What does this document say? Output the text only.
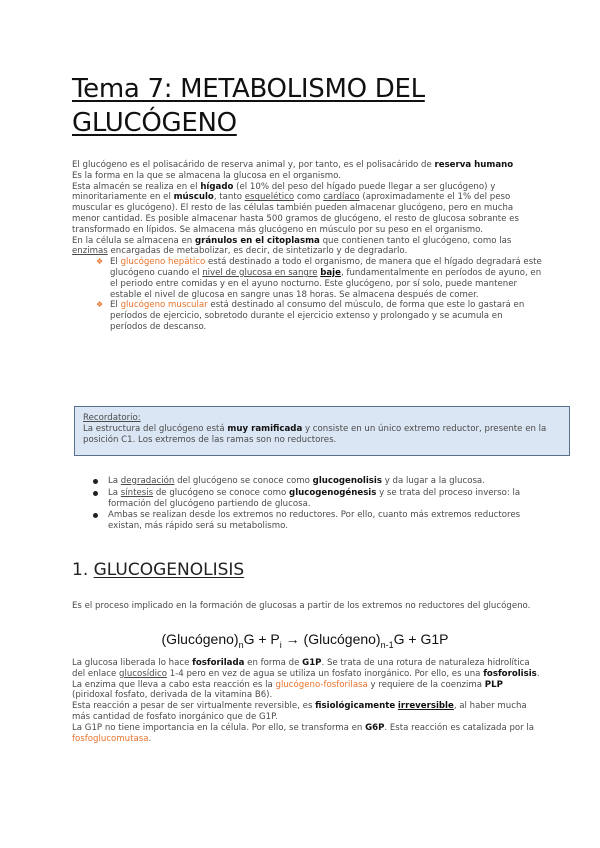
Tema 7: METABOLISMO DEL GLUCÓGENO

El glucógeno es el polisacárido de reserva animal y, por tanto, es el polisacárido de reserva humano
Es la forma en la que se almacena la glucosa en el organismo.

Esta almacén se realiza en el hígado (el 10% del peso del hígado puede llegar a ser glucógeno) y minoritariamente en el músculo, tanto esquelético como cardíaco (aproximadamente el 1% del peso muscular es glucógeno). El resto de las células también pueden almacenar glucógeno, pero en mucha menor cantidad. Es posible almacenar hasta 500 gramos de glucógeno, el resto de glucosa sobrante es transformado en lípidos. Se almacena más glucógeno en músculo por su peso en el organismo.

En la célula se almacena en gránulos en el citoplasma que contienen tanto el glucógeno, como las enzimas encargadas de metabolizar, es decir, de sintetizarlo y de degradarlo.

❖ El glucógeno hepático está destinado a todo el organismo, de manera que el hígado degradará este glucógeno cuando el nivel de glucosa en sangre baje, fundamentalmente en períodos de ayuno, en el periodo entre comidas y en el ayuno nocturno. Este glucógeno, por sí solo, puede mantener estable el nivel de glucosa en sangre unas 18 horas. Se almacena después de comer.
❖ El glucógeno muscular está destinado al consumo del músculo, de forma que este lo gastará en períodos de ejercicio, sobretodo durante el ejercicio extenso y prolongado y se acumula en períodos de descanso.
Recordatorio:
La estructura del glucógeno está muy ramificada y consiste en un único extremo reductor, presente en la posición C1. Los extremos de las ramas son no reductores.
La degradación del glucógeno se conoce como glucogenolisis y da lugar a la glucosa.
La síntesis de glucógeno se conoce como glucogenogénesis y se trata del proceso inverso: la formación del glucógeno partiendo de glucosa.
Ambas se realizan desde los extremos no reductores. Por ello, cuanto más extremos reductores existan, más rápido será su metabolismo.
1. GLUCOGENOLISIS

Es el proceso implicado en la formación de glucosas a partir de los extremos no reductores del glucógeno.

$(Glucógeno)_nG + P_i$ → $(Glucógeno)_{n-1}G + G1P$

La glucosa liberada lo hace fosforilada en forma de G1P. Se trata de una rotura de naturaleza hidrolítica del enlace glucosídico 1-4 pero en vez de agua se utiliza un fosfato inorgánico. Por ello, es una fosforolisis. La enzima que lleva a cabo esta reacción es la glucógeno-fosforilasa y requiere de la coenzima PLP (piridoxal fosfato, derivada de la vitamina B6).

Esta reacción a pesar de ser virtualmente reversible, es fisiológicamente irreversible, al haber mucha más cantidad de fosfato inorgánico que de G1P.

La G1P no tiene importancia en la célula. Por ello, se transforma en G6P. Esta reacción es catalizada por la fosfoglucomutasa.
